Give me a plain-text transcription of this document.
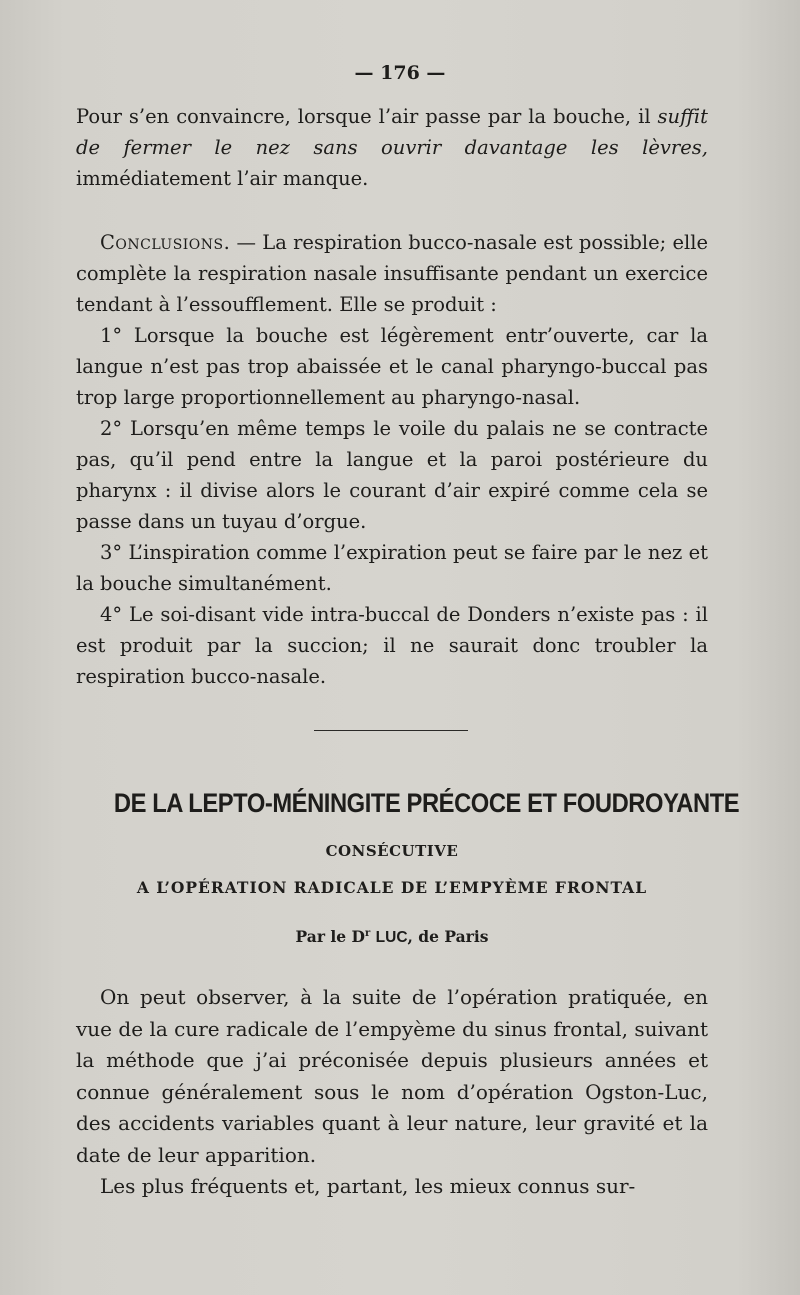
— 176 —

Pour s’en convaincre, lorsque l’air passe par la bouche, il suffit de fermer le nez sans ouvrir davantage les lèvres, immédiatement l’air manque.

Conclusions. — La respiration bucco-nasale est possible; elle complète la respiration nasale insuffisante pendant un exercice tendant à l’essoufflement. Elle se produit :

1° Lorsque la bouche est légèrement entr’ouverte, car la langue n’est pas trop abaissée et le canal pharyngo-buccal pas trop large proportionnellement au pharyngo-nasal.

2° Lorsqu’en même temps le voile du palais ne se contracte pas, qu’il pend entre la langue et la paroi postérieure du pharynx : il divise alors le courant d’air expiré comme cela se passe dans un tuyau d’orgue.

3° L’inspiration comme l’expiration peut se faire par le nez et la bouche simultanément.

4° Le soi-disant vide intra-buccal de Donders n’existe pas : il est produit par la succion; il ne saurait donc troubler la respiration bucco-nasale.

DE LA LEPTO-MÉNINGITE PRÉCOCE ET FOUDROYANTE
CONSÉCUTIVE
A L’OPÉRATION RADICALE DE L’EMPYÈME FRONTAL
Par le $D^r$ LUC, de Paris

On peut observer, à la suite de l’opération pratiquée, en vue de la cure radicale de l’empyème du sinus frontal, suivant la méthode que j’ai préconisée depuis plusieurs années et connue généralement sous le nom d’opération Ogston-Luc, des accidents variables quant à leur nature, leur gravité et la date de leur apparition.

Les plus fréquents et, partant, les mieux connus sur-
